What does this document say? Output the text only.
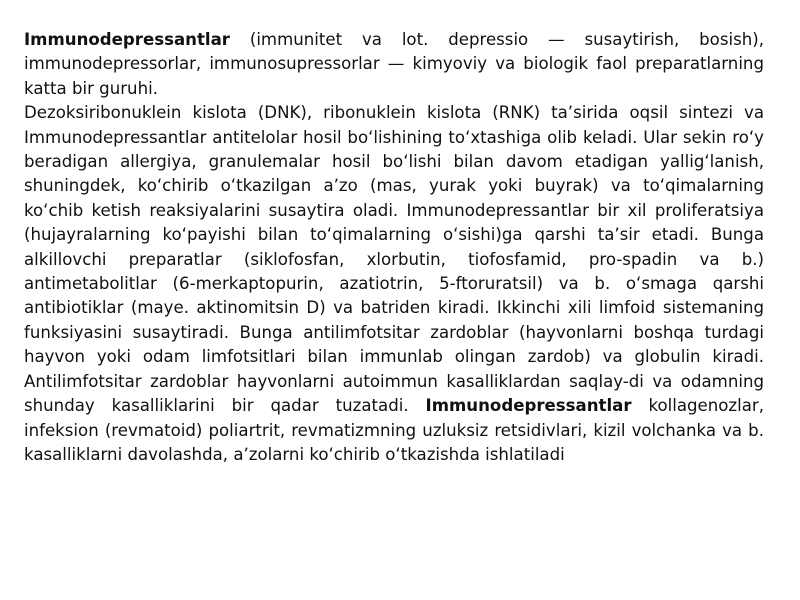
Immunodepressantlar (immunitet va lot. depressio — susaytirish, bosish), immunodepressorlar, immunosupressorlar — kimyoviy va biologik faol preparatlarning katta bir guruhi.

Dezoksiribonuklein kislota (DNK), ribonuklein kislota (RNK) taʼsirida oqsil sintezi va Immunodepressantlar antitelolar hosil boʻlishining toʻxtashiga olib keladi. Ular sekin roʻy beradigan allergiya, granulemalar hosil boʻlishi bilan davom etadigan yalligʻlanish, shuningdek, koʻchirib oʻtkazilgan aʼzo (mas, yurak yoki buyrak) va toʻqimalarning koʻchib ketish reaksiyalarini susaytira oladi. Immunodepressantlar bir xil proliferatsiya (hujayralarning koʻpayishi bilan toʻqimalarning oʻsishi)ga qarshi taʼsir etadi. Bunga alkillovchi preparatlar (siklofosfan, xlorbutin, tiofosfamid, pro-spadin va b.) antimetabolitlar (6-merkaptopurin, azatiotrin, 5-ftoruratsil) va b. oʻsmaga qarshi antibiotiklar (maye. aktinomitsin D) va batriden kiradi. Ikkinchi xili limfoid sistemaning funksiyasini susaytiradi. Bunga antilimfotsitar zardoblar (hayvonlarni boshqa turdagi hayvon yoki odam limfotsitlari bilan immunlab olingan zardob) va globulin kiradi. Antilimfotsitar zardoblar hayvonlarni autoimmun kasalliklardan saqlay-di va odamning shunday kasalliklarini bir qadar tuzatadi. Immunodepressantlar kollagenozlar, infeksion (revmatoid) poliartrit, revmatizmning uzluksiz retsidivlari, kizil volchanka va b. kasalliklarni davolashda, aʼzolarni koʻchirib oʻtkazishda ishlatiladi
